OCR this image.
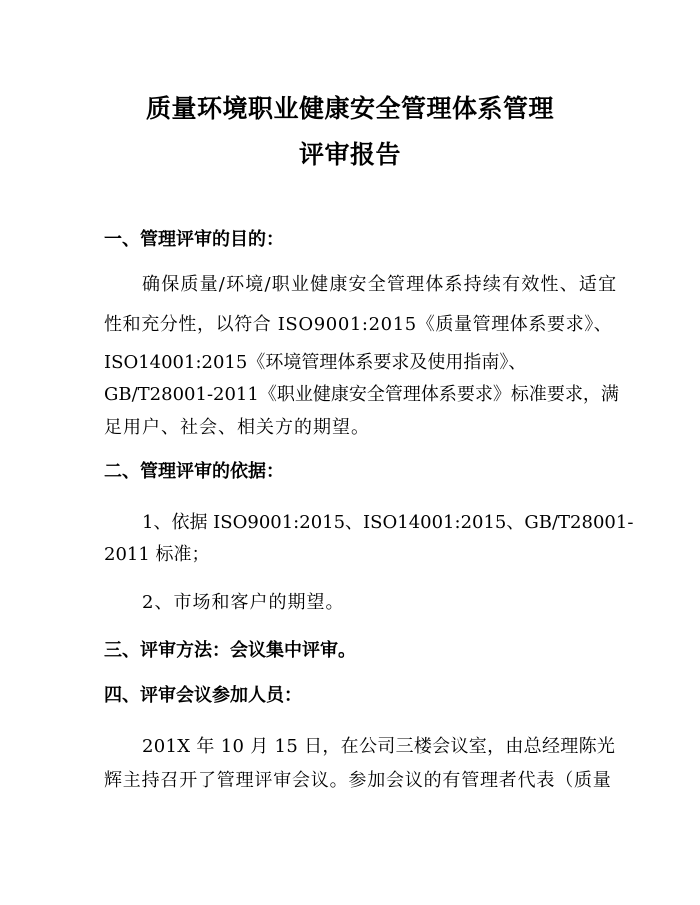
质量环境职业健康安全管理体系管理
评审报告
一、管理评审的目的：
确保质量/环境/职业健康安全管理体系持续有效性、适宜
性和充分性，以符合 ISO9001:2015《质量管理体系要求》、
ISO14001:2015《环境管理体系要求及使用指南》、
GB/T28001-2011《职业健康安全管理体系要求》标准要求，满
足用户、社会、相关方的期望。
二、管理评审的依据：
1、依据 ISO9001:2015、ISO14001:2015、GB/T28001-
2011 标准；
2、市场和客户的期望。
三、评审方法：会议集中评审。
四、评审会议参加人员：
201X 年 10 月 15 日，在公司三楼会议室，由总经理陈光
辉主持召开了管理评审会议。参加会议的有管理者代表（质量
